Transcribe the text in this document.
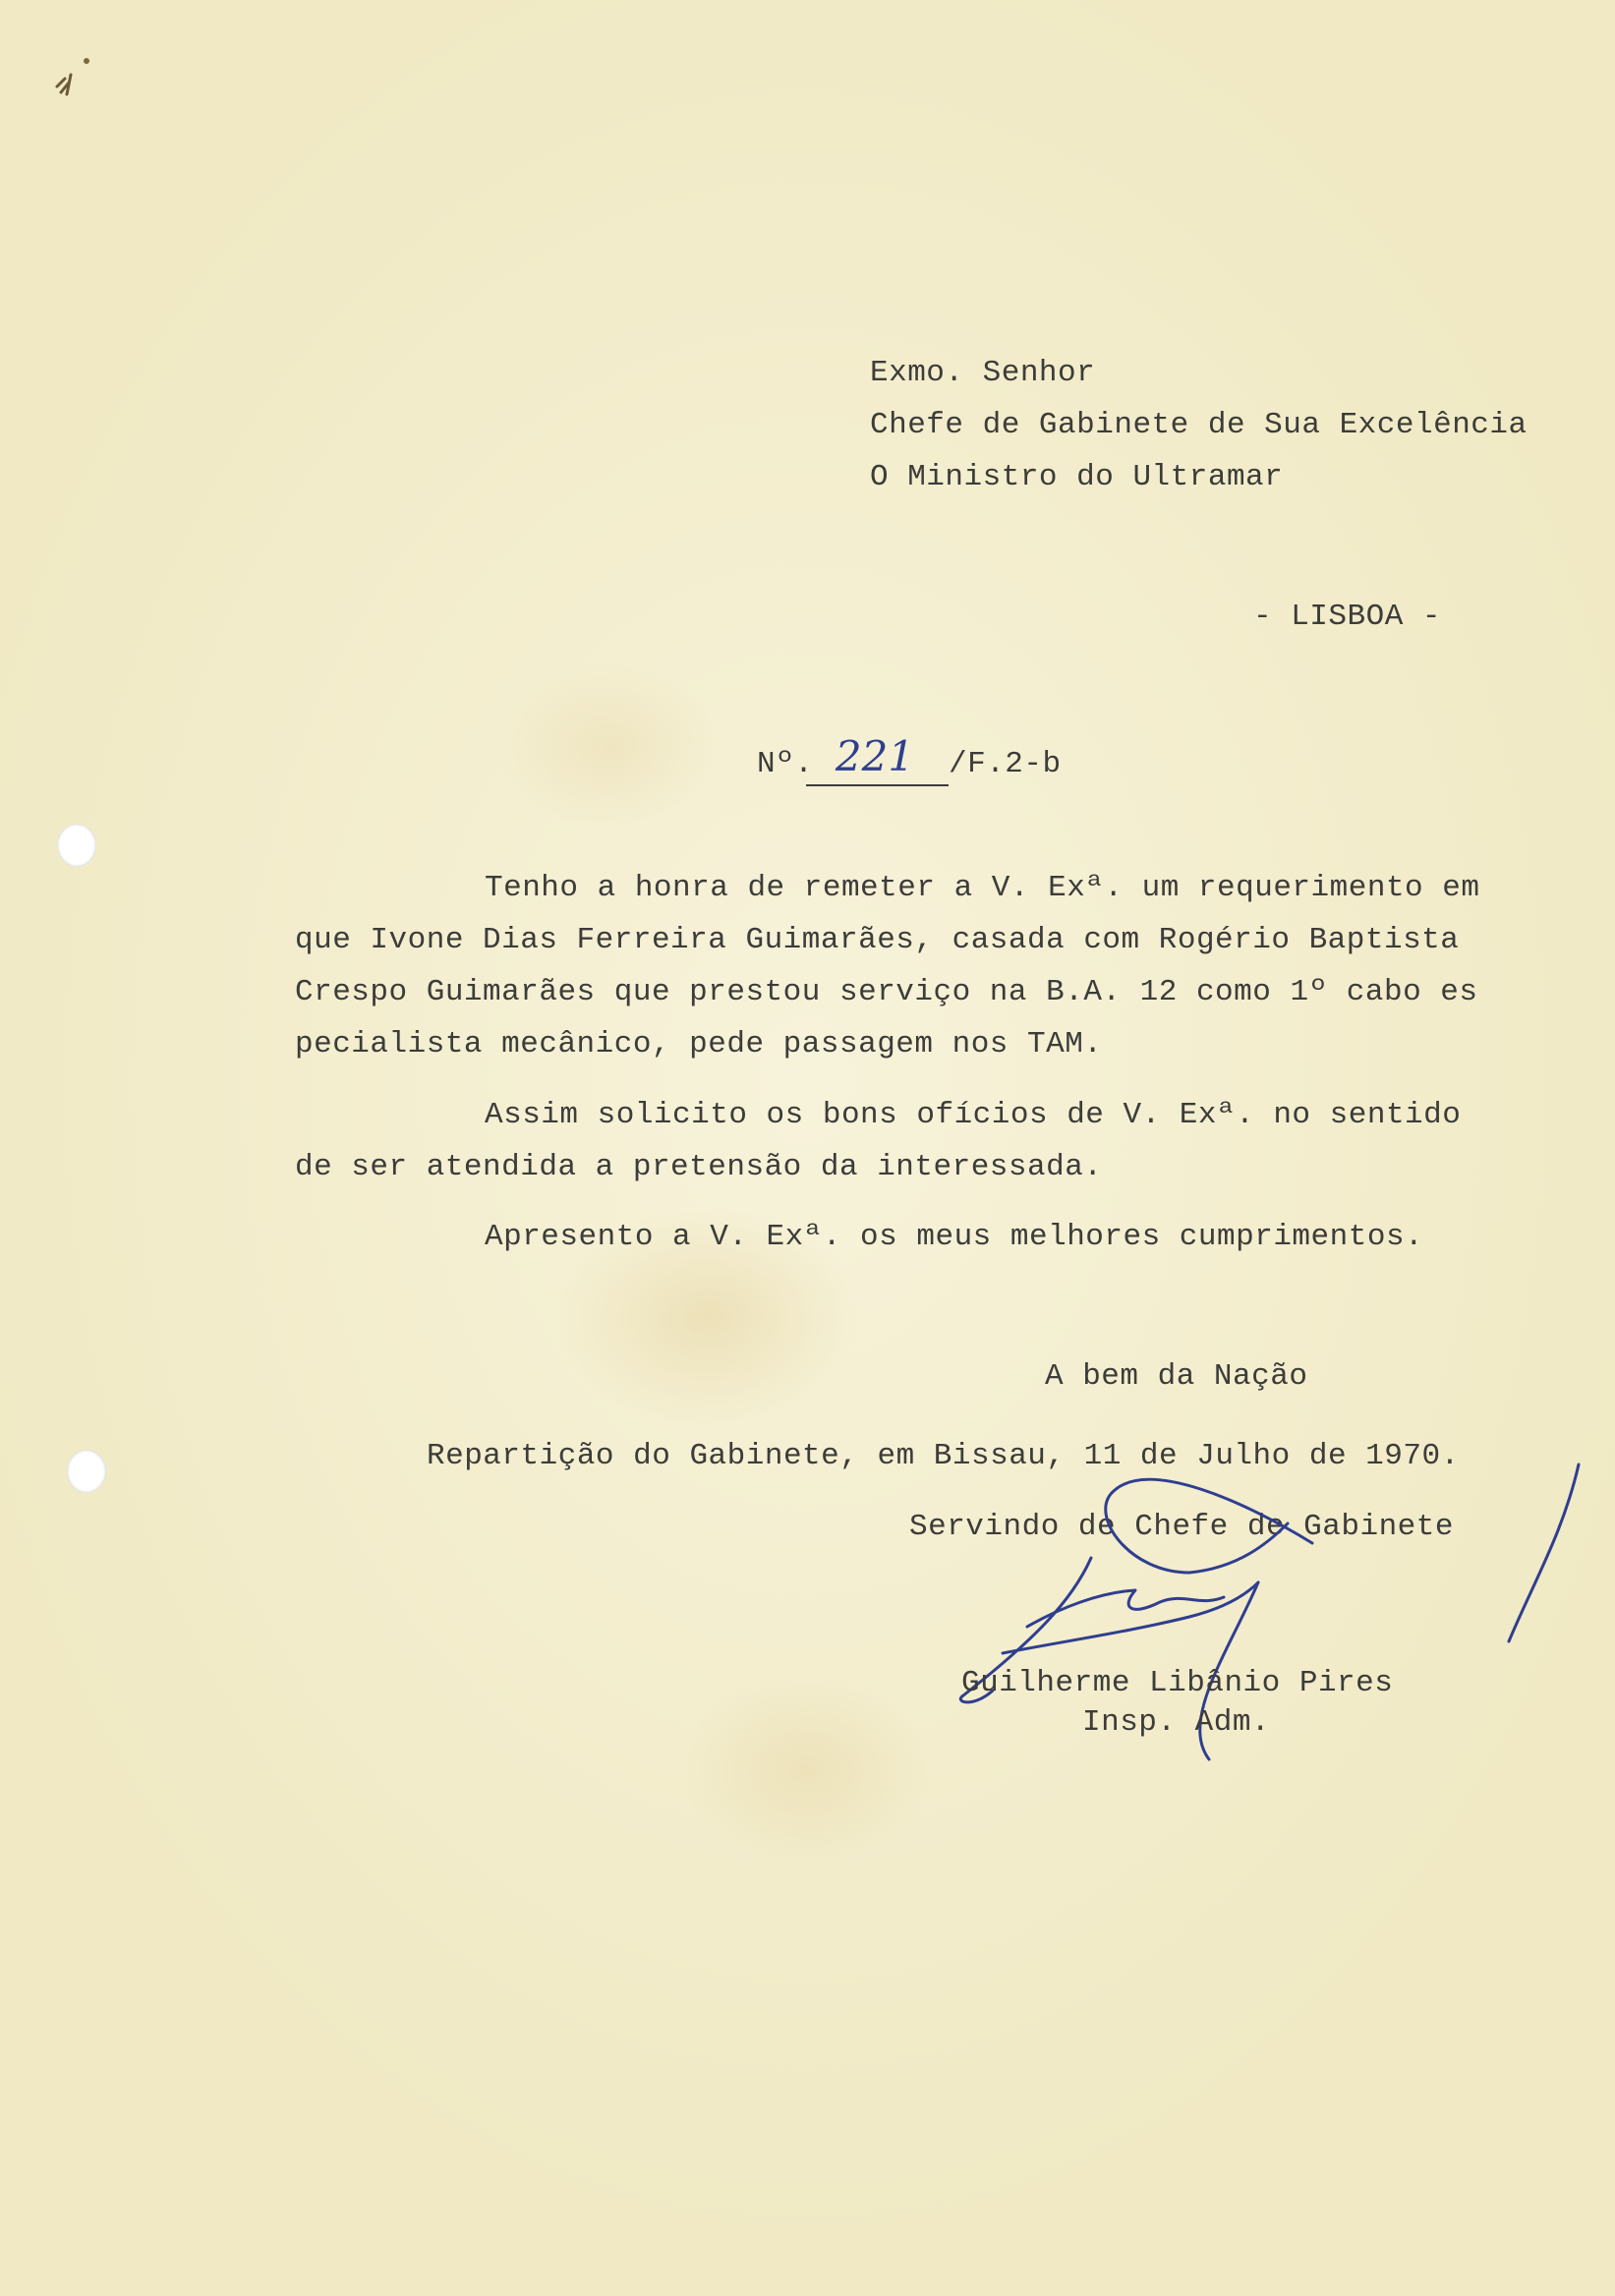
Exmo. Senhor
Chefe de Gabinete de Sua Excelência
O Ministro do Ultramar
- LISBOA -
Nº. 221	/F.2-b
Tenho a honra de remeter a V. Exª. um requerimento em
que Ivone Dias Ferreira Guimarães, casada com Rogério Baptista
Crespo Guimarães que prestou serviço na B.A. 12 como 1º cabo es
pecialista mecânico, pede passagem nos TAM.
Assim solicito os bons ofícios de V. Exª. no sentido
de ser atendida a pretensão da interessada.
Apresento a V. Exª. os meus melhores cumprimentos.
A bem da Nação
Repartição do Gabinete, em Bissau, 11 de Julho de 1970.
Servindo de Chefe de Gabinete
Guilherme Libânio Pires
Insp. Adm.
